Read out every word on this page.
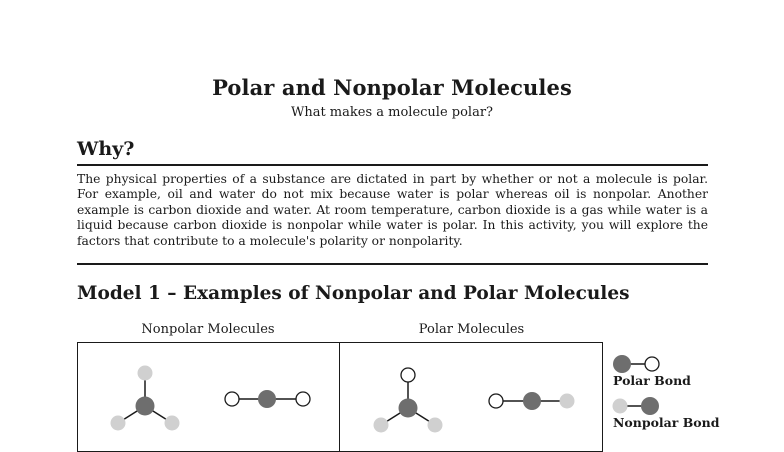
Polar and Nonpolar Molecules
What makes a molecule polar?
Why?
The physical properties of a substance are dictated in part by whether or not a molecule is polar. For example, oil and water do not mix because water is polar whereas oil is nonpolar. Another example is carbon dioxide and water. At room temperature, carbon dioxide is a gas while water is a liquid because carbon dioxide is nonpolar while water is polar. In this activity, you will explore the factors that contribute to a molecule's polarity or nonpolarity.
Model 1 – Examples of Nonpolar and Polar Molecules
Nonpolar Molecules	Polar Molecules
Polar Bond
Nonpolar Bond
